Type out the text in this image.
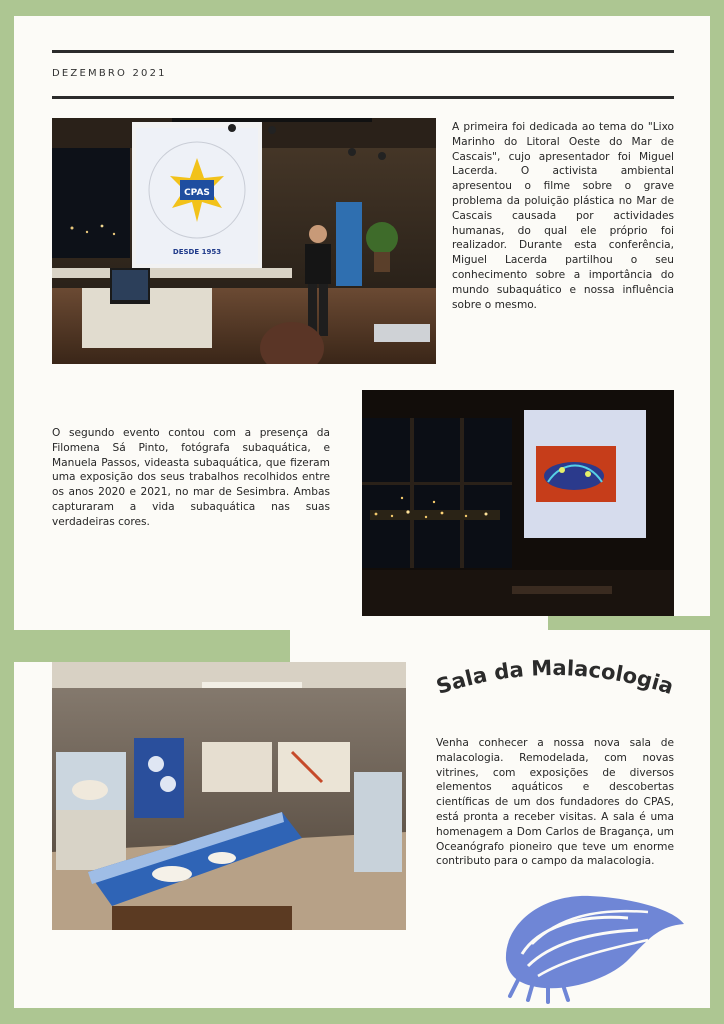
DEZEMBRO 2021
CPAS
DESDE 1953

A primeira foi dedicada ao tema do "Lixo Marinho do Litoral Oeste do Mar de Cascais", cujo apresentador foi Miguel Lacerda. O activista ambiental apresentou o filme sobre o grave problema da poluição plástica no Mar de Cascais causada por actividades humanas, do qual ele próprio foi realizador. Durante esta conferência, Miguel Lacerda partilhou o seu conhecimento sobre a importância do mundo subaquático e nossa influência sobre o mesmo.

O segundo evento contou com a presença da Filomena Sá Pinto, fotógrafa subaquática, e Manuela Passos, videasta subaquática, que fizeram uma exposição dos seus trabalhos recolhidos entre os anos 2020 e 2021, no mar de Sesimbra. Ambas capturaram a vida subaquática nas suas verdadeiras cores.

Sala da Malacologia

Venha conhecer a nossa nova sala de malacologia. Remodelada, com novas vitrines, com exposições de diversos elementos aquáticos e descobertas científicas de um dos fundadores do CPAS, está pronta a receber visitas. A sala é uma homenagem a Dom Carlos de Bragança, um Oceanógrafo pioneiro que teve um enorme contributo para o campo da malacologia.
